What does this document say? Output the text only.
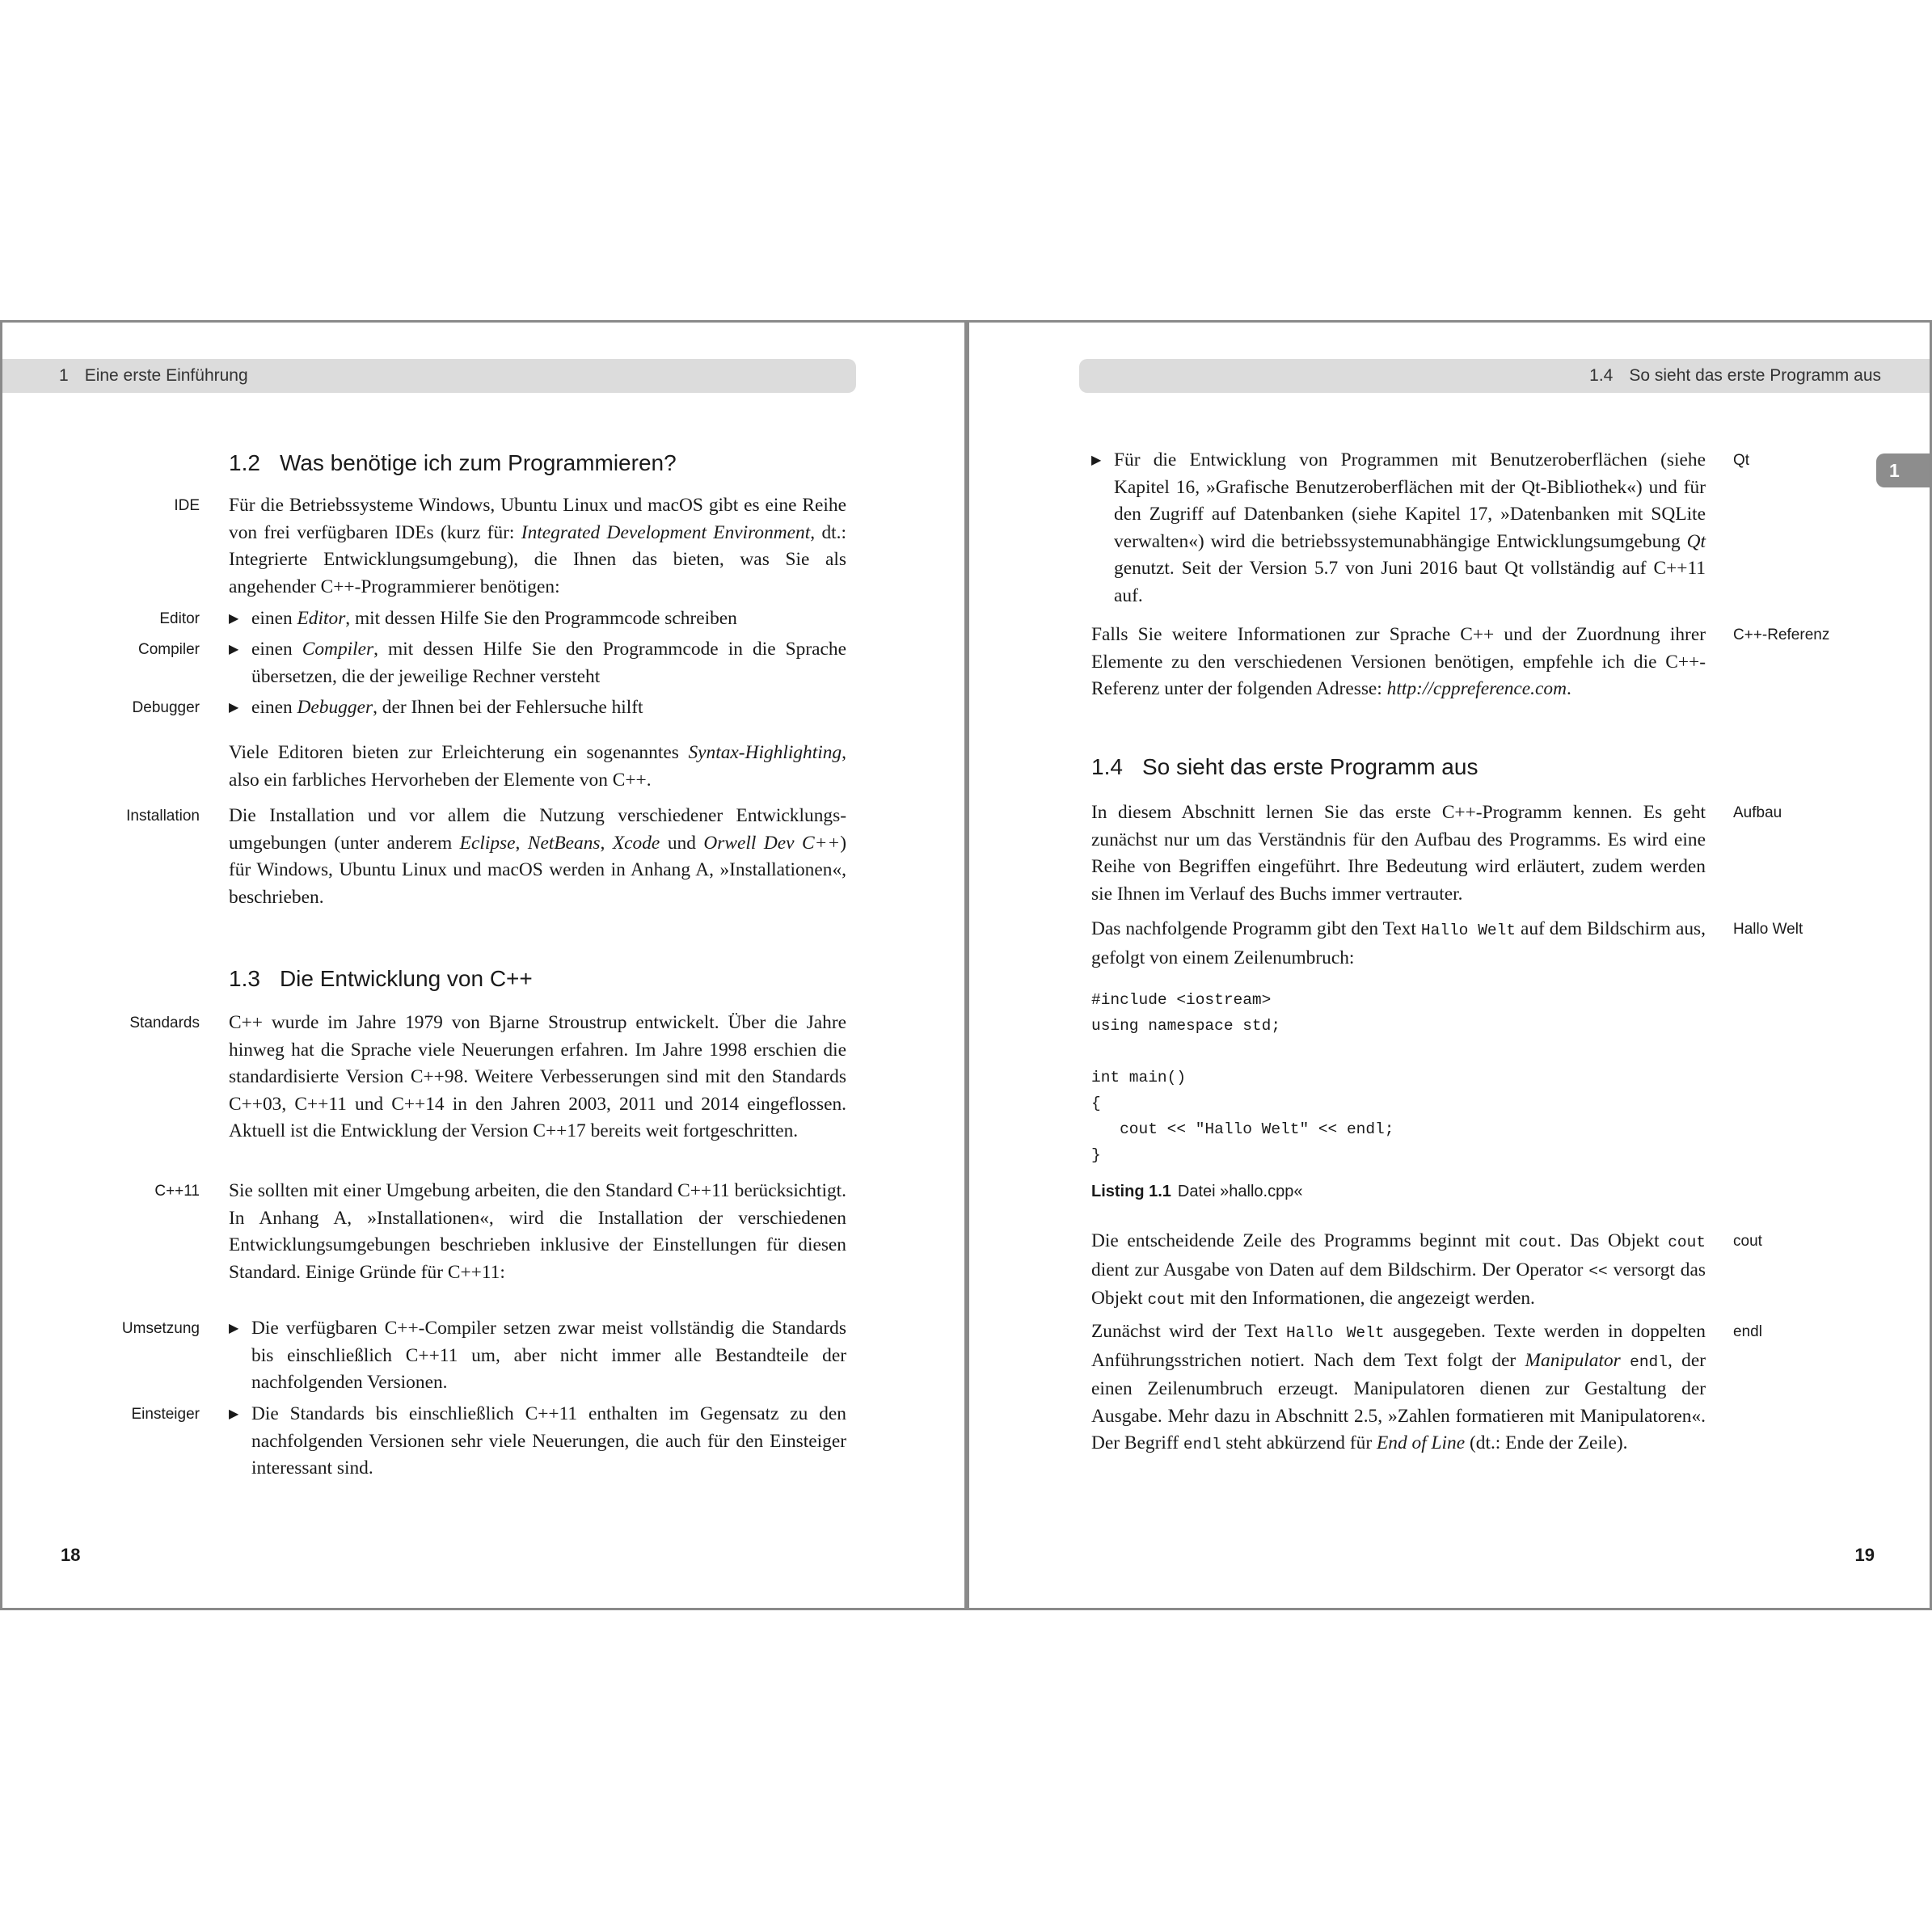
1 Eine erste Einführung
1.2 Was benötige ich zum Programmieren?
Für die Betriebssysteme Windows, Ubuntu Linux und macOS gibt es eine Reihe von frei verfügbaren IDEs (kurz für: Integrated Development Environment, dt.: Integrierte Entwicklungsumgebung), die Ihnen das bieten, was Sie als angehender C++-Programmierer benötigen:
▶ einen Editor, mit dessen Hilfe Sie den Programmcode schreiben
▶ einen Compiler, mit dessen Hilfe Sie den Programmcode in die Sprache übersetzen, die der jeweilige Rechner versteht
▶ einen Debugger, der Ihnen bei der Fehlersuche hilft
Viele Editoren bieten zur Erleichterung ein sogenanntes Syntax-Highlighting, also ein farbliches Hervorheben der Elemente von C++.
Die Installation und vor allem die Nutzung verschiedener Entwicklungsumgebungen (unter anderem Eclipse, NetBeans, Xcode und Orwell Dev C++) für Windows, Ubuntu Linux und macOS werden in Anhang A, »Installationen«, beschrieben.
1.3 Die Entwicklung von C++
C++ wurde im Jahre 1979 von Bjarne Stroustrup entwickelt. Über die Jahre hinweg hat die Sprache viele Neuerungen erfahren. Im Jahre 1998 erschien die standardisierte Version C++98. Weitere Verbesserungen sind mit den Standards C++03, C++11 und C++14 in den Jahren 2003, 2011 und 2014 eingeflossen. Aktuell ist die Entwicklung der Version C++17 bereits weit fortgeschritten.
Sie sollten mit einer Umgebung arbeiten, die den Standard C++11 berücksichtigt. In Anhang A, »Installationen«, wird die Installation der verschiedenen Entwicklungsumgebungen beschrieben inklusive der Einstellungen für diesen Standard. Einige Gründe für C++11:
▶ Die verfügbaren C++-Compiler setzen zwar meist vollständig die Standards bis einschließlich C++11 um, aber nicht immer alle Bestandteile der nachfolgenden Versionen.
▶ Die Standards bis einschließlich C++11 enthalten im Gegensatz zu den nachfolgenden Versionen sehr viele Neuerungen, die auch für den Einsteiger interessant sind.
IDE
Editor
Compiler
Debugger
Installation
Standards
C++11
Umsetzung
Einsteiger
18
1.4 So sieht das erste Programm aus
1
▶ Für die Entwicklung von Programmen mit Benutzeroberflächen (siehe Kapitel 16, »Grafische Benutzeroberflächen mit der Qt-Bibliothek«) und für den Zugriff auf Datenbanken (siehe Kapitel 17, »Datenbanken mit SQLite verwalten«) wird die betriebssystemunabhängige Entwicklungsumgebung Qt genutzt. Seit der Version 5.7 von Juni 2016 baut Qt vollständig auf C++11 auf.
Falls Sie weitere Informationen zur Sprache C++ und der Zuordnung ihrer Elemente zu den verschiedenen Versionen benötigen, empfehle ich die C++-Referenz unter der folgenden Adresse: http://cppreference.com.
1.4 So sieht das erste Programm aus
In diesem Abschnitt lernen Sie das erste C++-Programm kennen. Es geht zunächst nur um das Verständnis für den Aufbau des Programms. Es wird eine Reihe von Begriffen eingeführt. Ihre Bedeutung wird erläutert, zudem werden sie Ihnen im Verlauf des Buchs immer vertrauter.
Das nachfolgende Programm gibt den Text Hallo Welt auf dem Bildschirm aus, gefolgt von einem Zeilenumbruch:
#include <iostream>
using namespace std;

int main()
{
cout << "Hallo Welt" << endl;
}
Listing 1.1 Datei »hallo.cpp«
Die entscheidende Zeile des Programms beginnt mit cout. Das Objekt cout dient zur Ausgabe von Daten auf dem Bildschirm. Der Operator << versorgt das Objekt cout mit den Informationen, die angezeigt werden.
Zunächst wird der Text Hallo Welt ausgegeben. Texte werden in doppelten Anführungsstrichen notiert. Nach dem Text folgt der Manipulator endl, der einen Zeilenumbruch erzeugt. Manipulatoren dienen zur Gestaltung der Ausgabe. Mehr dazu in Abschnitt 2.5, »Zahlen formatieren mit Manipulatoren«. Der Begriff endl steht abkürzend für End of Line (dt.: Ende der Zeile).
Qt
C++-Referenz
Aufbau
Hallo Welt
cout
endl
19
